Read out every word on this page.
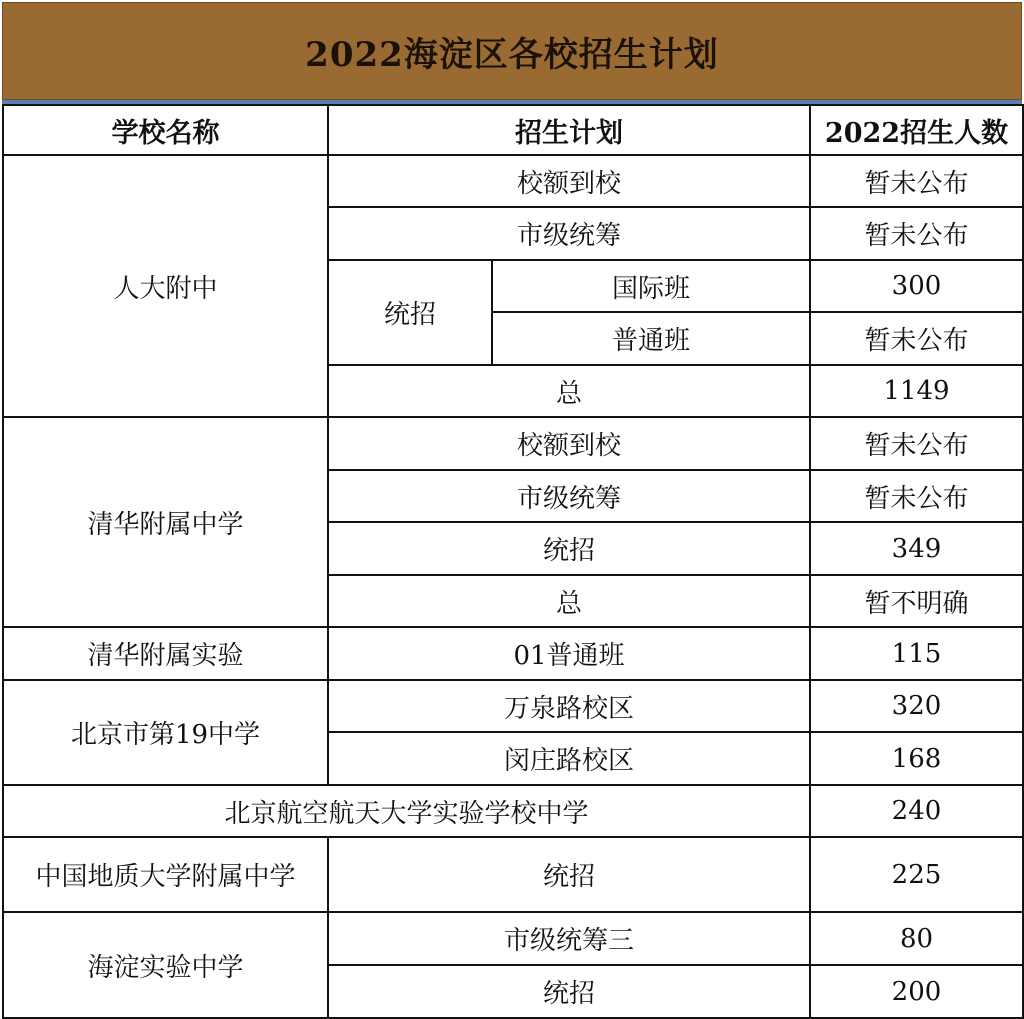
2022海淀区各校招生计划
学校名称	招生计划		2022招生人数
人大附中	校额到校		暂未公布
	市级统筹		暂未公布
	统招	国际班	300
		普通班	暂未公布
	总		1149
清华附属中学	校额到校		暂未公布
	市级统筹		暂未公布
	统招		349
	总		暂不明确
清华附属实验	01普通班		115
北京市第19中学	万泉路校区		320
	闵庄路校区		168
北京航空航天大学实验学校中学			240
中国地质大学附属中学	统招		225
海淀实验中学	市级统筹三		80
	统招		200
